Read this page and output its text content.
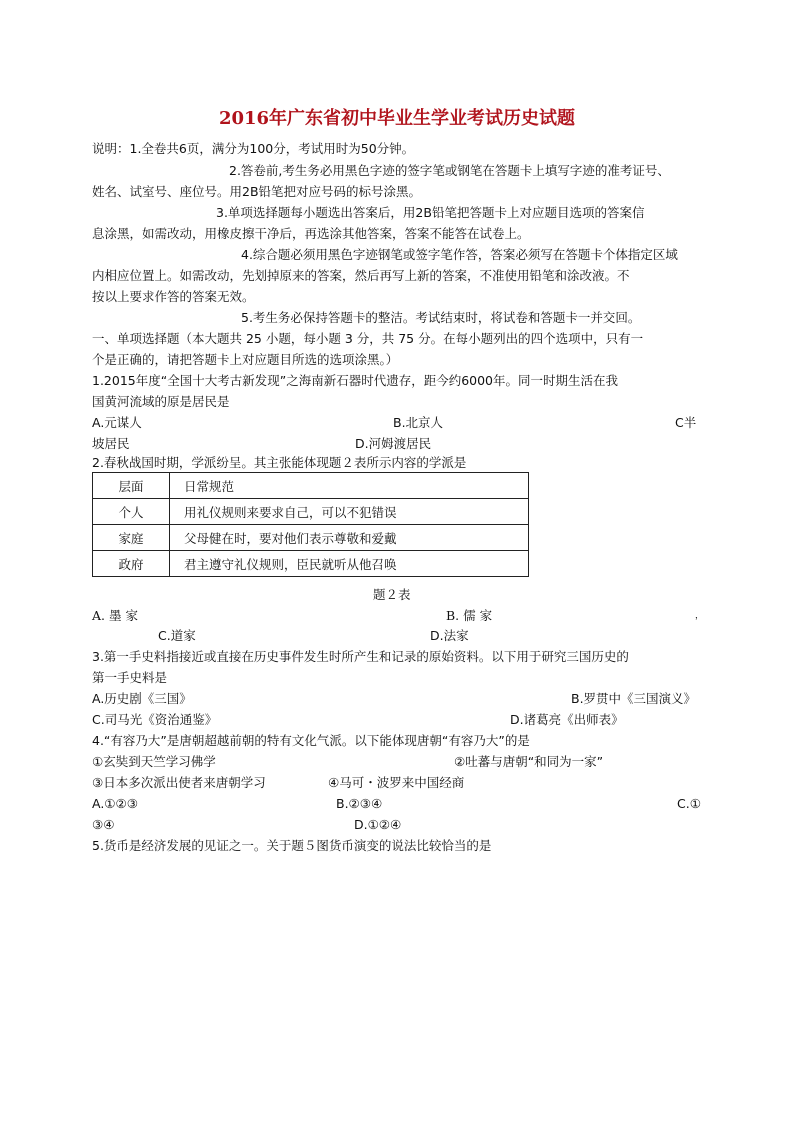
2016年广东省初中毕业生学业考试历史试题
说明：1.全卷共6页，满分为100分，考试用时为50分钟。
2.答卷前,考生务必用黑色字迹的签字笔或钢笔在答题卡上填写字迹的准考证号、
姓名、试室号、座位号。用2B铅笔把对应号码的标号涂黑。
3.单项选择题每小题选出答案后，用2B铅笔把答题卡上对应题目选项的答案信
息涂黑，如需改动，用橡皮擦干净后，再选涂其他答案，答案不能答在试卷上。
4.综合题必须用黑色字迹钢笔或签字笔作答，答案必须写在答题卡个体指定区域
内相应位置上。如需改动，先划掉原来的答案，然后再写上新的答案，不准使用铅笔和涂改液。不
按以上要求作答的答案无效。
5.考生务必保持答题卡的整洁。考试结束时，将试卷和答题卡一并交回。
一、单项选择题（本大题共 25 小题，每小题 3 分，共 75 分。在每小题列出的四个选项中，只有一
个是正确的，请把答题卡上对应题目所选的选项涂黑。）
1.2015年度“全国十大考古新发现”之海南新石器时代遗存，距今约6000年。同一时期生活在我
国黄河流域的原是居民是
A.元谋人	B.北京人	C半
坡居民	D.河姆渡居民
2.春秋战国时期，学派纷呈。其主张能体现题２表所示内容的学派是
层面	日常规范
个人	用礼仪规则来要求自己，可以不犯错误
家庭	父母健在时，要对他们表示尊敬和爱戴
政府	君主遵守礼仪规则，臣民就听从他召唤
题２表
A. 墨 家	B. 儒 家	，
C.道家	D.法家
3.第一手史料指接近或直接在历史事件发生时所产生和记录的原始资料。以下用于研究三国历史的
第一手史料是
A.历史剧《三国》	B.罗贯中《三国演义》
C.司马光《资治通鉴》	D.诸葛亮《出师表》
4.“有容乃大”是唐朝超越前朝的特有文化气派。以下能体现唐朝“有容乃大”的是
①玄奘到天竺学习佛学	②吐蕃与唐朝“和同为一家”
③日本多次派出使者来唐朝学习	④马可・波罗来中国经商
A.①②③	B.②③④	C.①
③④	D.①②④
5.货币是经济发展的见证之一。关于题５图货币演变的说法比较恰当的是
